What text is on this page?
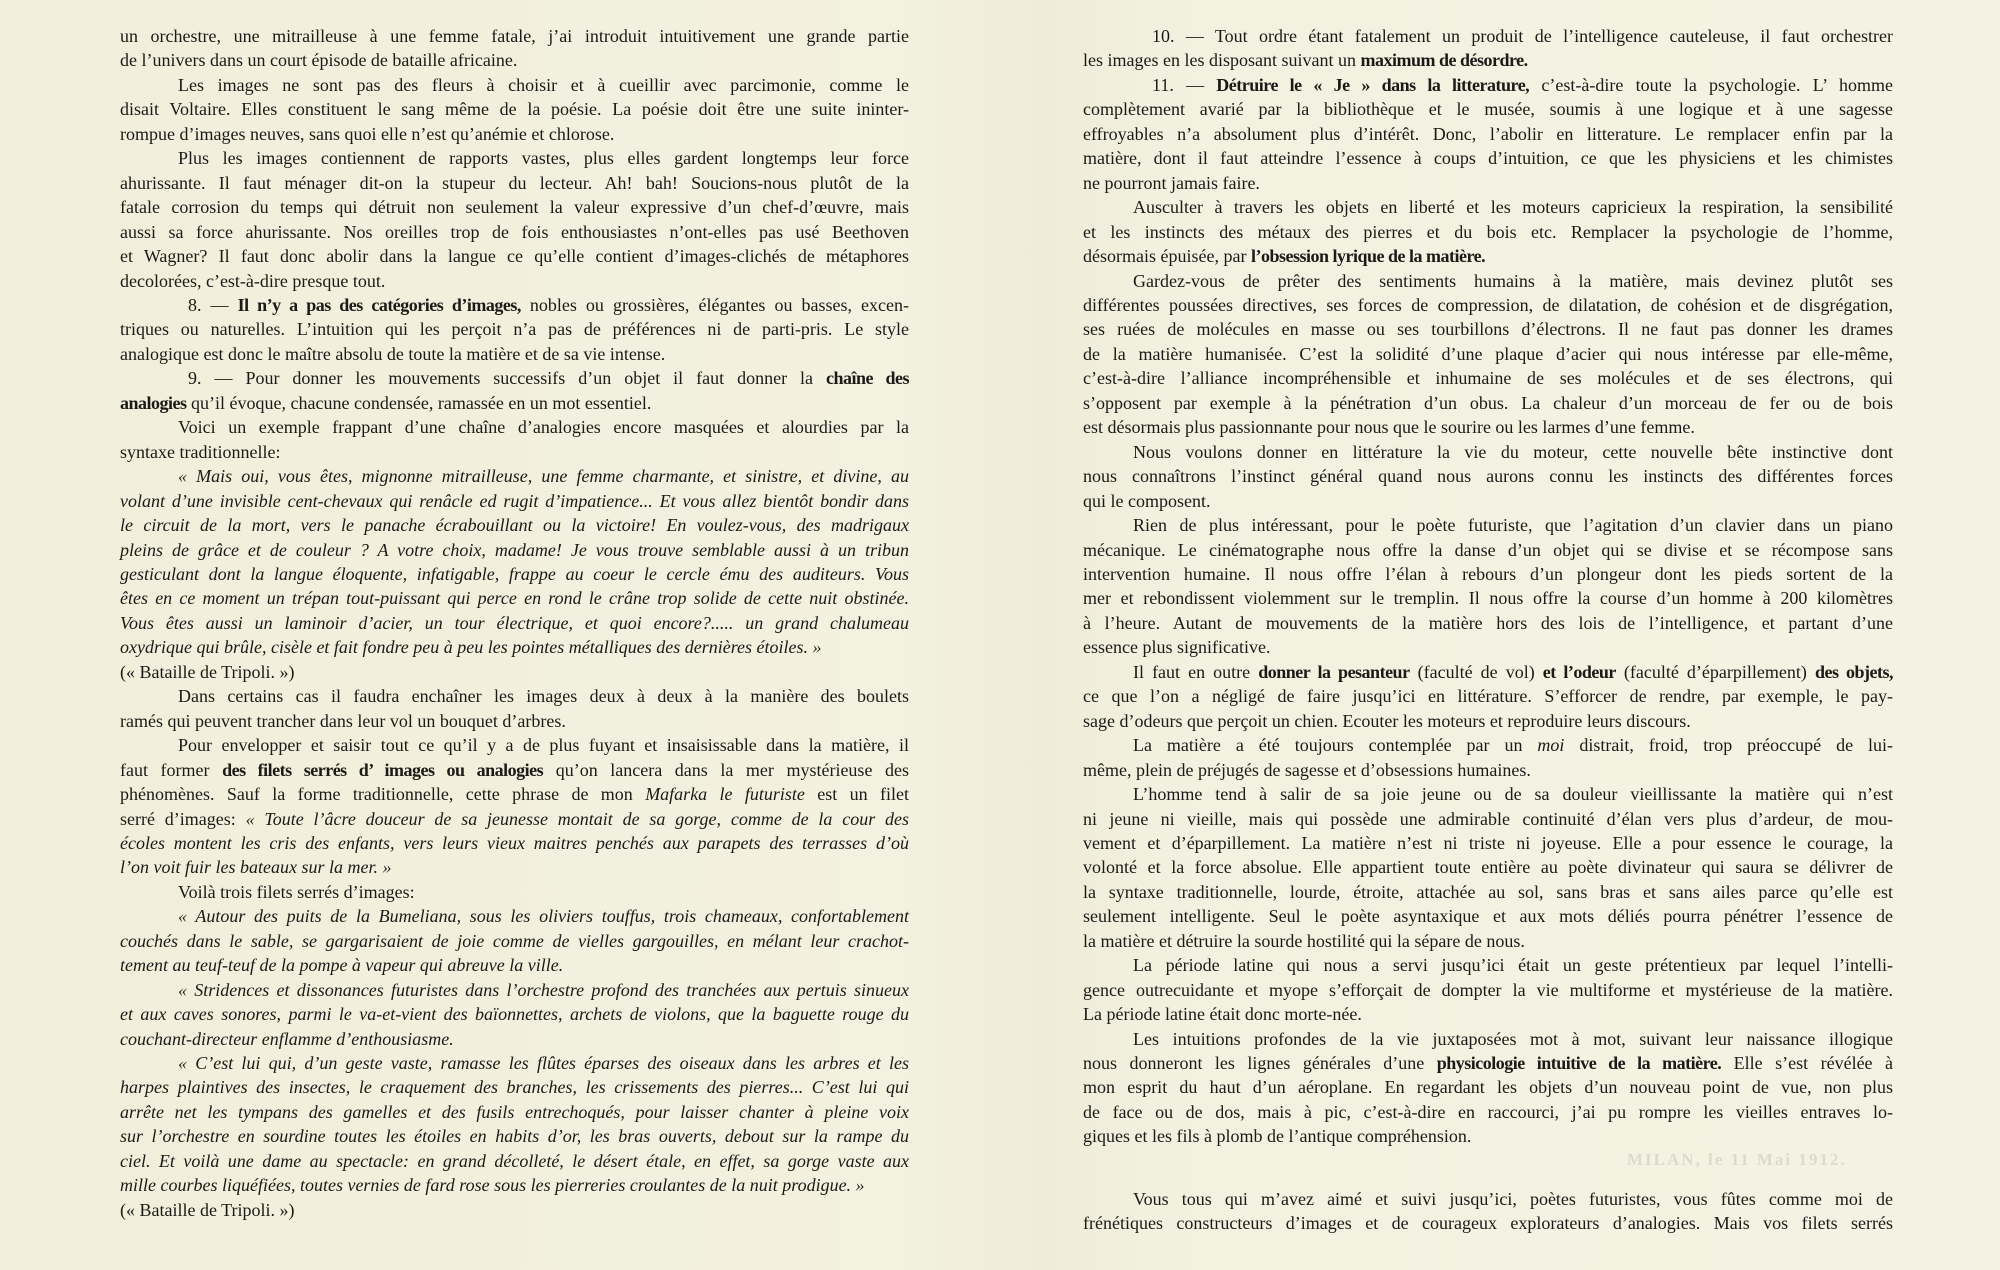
un orchestre, une mitrailleuse à une femme fatale, j’ai introduit intuitivement une grande partie
de l’univers dans un court épisode de bataille africaine.
Les images ne sont pas des fleurs à choisir et à cueillir avec parcimonie, comme le
disait Voltaire. Elles constituent le sang même de la poésie. La poésie doit être une suite ininter-
rompue d’images neuves, sans quoi elle n’est qu’anémie et chlorose.
Plus les images contiennent de rapports vastes, plus elles gardent longtemps leur force
ahurissante. Il faut ménager dit-on la stupeur du lecteur. Ah! bah! Soucions-nous plutôt de la
fatale corrosion du temps qui détruit non seulement la valeur expressive d’un chef-d’œuvre, mais
aussi sa force ahurissante. Nos oreilles trop de fois enthousiastes n’ont-elles pas usé Beethoven
et Wagner? Il faut donc abolir dans la langue ce qu’elle contient d’images-clichés de métaphores
decolorées, c’est-à-dire presque tout.
8. — Il n’y a pas des catégories d’images, nobles ou grossières, élégantes ou basses, excen-
triques ou naturelles. L’intuition qui les perçoit n’a pas de préférences ni de parti-pris. Le style
analogique est donc le maître absolu de toute la matière et de sa vie intense.
9. — Pour donner les mouvements successifs d’un objet il faut donner la chaîne des
analogies qu’il évoque, chacune condensée, ramassée en un mot essentiel.
Voici un exemple frappant d’une chaîne d’analogies encore masquées et alourdies par la
syntaxe traditionnelle:
« Mais oui, vous êtes, mignonne mitrailleuse, une femme charmante, et sinistre, et divine, au
volant d’une invisible cent-chevaux qui renâcle ed rugit d’impatience... Et vous allez bientôt bondir dans
le circuit de la mort, vers le panache écrabouillant ou la victoire! En voulez-vous, des madrigaux
pleins de grâce et de couleur ? A votre choix, madame! Je vous trouve semblable aussi à un tribun
gesticulant dont la langue éloquente, infatigable, frappe au coeur le cercle ému des auditeurs. Vous
êtes en ce moment un trépan tout-puissant qui perce en rond le crâne trop solide de cette nuit obstinée.
Vous êtes aussi un laminoir d’acier, un tour électrique, et quoi encore?..... un grand chalumeau
oxydrique qui brûle, cisèle et fait fondre peu à peu les pointes métalliques des dernières étoiles. »
(« Bataille de Tripoli. »)
Dans certains cas il faudra enchaîner les images deux à deux à la manière des boulets
ramés qui peuvent trancher dans leur vol un bouquet d’arbres.
Pour envelopper et saisir tout ce qu’il y a de plus fuyant et insaisissable dans la matière, il
faut former des filets serrés d’ images ou analogies qu’on lancera dans la mer mystérieuse des
phénomènes. Sauf la forme traditionnelle, cette phrase de mon Mafarka le futuriste est un filet
serré d’images: « Toute l’âcre douceur de sa jeunesse montait de sa gorge, comme de la cour des
écoles montent les cris des enfants, vers leurs vieux maitres penchés aux parapets des terrasses d’où
l’on voit fuir les bateaux sur la mer. »
Voilà trois filets serrés d’images:
« Autour des puits de la Bumeliana, sous les oliviers touffus, trois chameaux, confortablement
couchés dans le sable, se gargarisaient de joie comme de vielles gargouilles, en mélant leur crachot-
tement au teuf-teuf de la pompe à vapeur qui abreuve la ville.
« Stridences et dissonances futuristes dans l’orchestre profond des tranchées aux pertuis sinueux
et aux caves sonores, parmi le va-et-vient des baïonnettes, archets de violons, que la baguette rouge du
couchant-directeur enflamme d’enthousiasme.
« C’est lui qui, d’un geste vaste, ramasse les flûtes éparses des oiseaux dans les arbres et les
harpes plaintives des insectes, le craquement des branches, les crissements des pierres... C’est lui qui
arrête net les tympans des gamelles et des fusils entrechoqués, pour laisser chanter à pleine voix
sur l’orchestre en sourdine toutes les étoiles en habits d’or, les bras ouverts, debout sur la rampe du
ciel. Et voilà une dame au spectacle: en grand décolleté, le désert étale, en effet, sa gorge vaste aux
mille courbes liquéfiées, toutes vernies de fard rose sous les pierreries croulantes de la nuit prodigue. »
(« Bataille de Tripoli. »)
10. — Tout ordre étant fatalement un produit de l’intelligence cauteleuse, il faut orchestrer
les images en les disposant suivant un maximum de désordre.
11. — Détruire le « Je » dans la litterature, c’est-à-dire toute la psychologie. L’ homme
complètement avarié par la bibliothèque et le musée, soumis à une logique et à une sagesse
effroyables n’a absolument plus d’intérêt. Donc, l’abolir en litterature. Le remplacer enfin par la
matière, dont il faut atteindre l’essence à coups d’intuition, ce que les physiciens et les chimistes
ne pourront jamais faire.
Ausculter à travers les objets en liberté et les moteurs capricieux la respiration, la sensibilité
et les instincts des métaux des pierres et du bois etc. Remplacer la psychologie de l’homme,
désormais épuisée, par l’obsession lyrique de la matière.
Gardez-vous de prêter des sentiments humains à la matière, mais devinez plutôt ses
différentes poussées directives, ses forces de compression, de dilatation, de cohésion et de disgrégation,
ses ruées de molécules en masse ou ses tourbillons d’électrons. Il ne faut pas donner les drames
de la matière humanisée. C’est la solidité d’une plaque d’acier qui nous intéresse par elle-même,
c’est-à-dire l’alliance incompréhensible et inhumaine de ses molécules et de ses électrons, qui
s’opposent par exemple à la pénétration d’un obus. La chaleur d’un morceau de fer ou de bois
est désormais plus passionnante pour nous que le sourire ou les larmes d’une femme.
Nous voulons donner en littérature la vie du moteur, cette nouvelle bête instinctive dont
nous connaîtrons l’instinct général quand nous aurons connu les instincts des différentes forces
qui le composent.
Rien de plus intéressant, pour le poète futuriste, que l’agitation d’un clavier dans un piano
mécanique. Le cinématographe nous offre la danse d’un objet qui se divise et se récompose sans
intervention humaine. Il nous offre l’élan à rebours d’un plongeur dont les pieds sortent de la
mer et rebondissent violemment sur le tremplin. Il nous offre la course d’un homme à 200 kilomètres
à l’heure. Autant de mouvements de la matière hors des lois de l’intelligence, et partant d’une
essence plus significative.
Il faut en outre donner la pesanteur (faculté de vol) et l’odeur (faculté d’éparpillement) des objets,
ce que l’on a négligé de faire jusqu’ici en littérature. S’efforcer de rendre, par exemple, le pay-
sage d’odeurs que perçoit un chien. Ecouter les moteurs et reproduire leurs discours.
La matière a été toujours contemplée par un moi distrait, froid, trop préoccupé de lui-
même, plein de préjugés de sagesse et d’obsessions humaines.
L’homme tend à salir de sa joie jeune ou de sa douleur vieillissante la matière qui n’est
ni jeune ni vieille, mais qui possède une admirable continuité d’élan vers plus d’ardeur, de mou-
vement et d’éparpillement. La matière n’est ni triste ni joyeuse. Elle a pour essence le courage, la
volonté et la force absolue. Elle appartient toute entière au poète divinateur qui saura se délivrer de
la syntaxe traditionnelle, lourde, étroite, attachée au sol, sans bras et sans ailes parce qu’elle est
seulement intelligente. Seul le poète asyntaxique et aux mots déliés pourra pénétrer l’essence de
la matière et détruire la sourde hostilité qui la sépare de nous.
La période latine qui nous a servi jusqu’ici était un geste prétentieux par lequel l’intelli-
gence outrecuidante et myope s’efforçait de dompter la vie multiforme et mystérieuse de la matière.
La période latine était donc morte-née.
Les intuitions profondes de la vie juxtaposées mot à mot, suivant leur naissance illogique
nous donneront les lignes générales d’une physicologie intuitive de la matière. Elle s’est révélée à
mon esprit du haut d’un aéroplane. En regardant les objets d’un nouveau point de vue, non plus
de face ou de dos, mais à pic, c’est-à-dire en raccourci, j’ai pu rompre les vieilles entraves lo-
giques et les fils à plomb de l’antique compréhension.
Vous tous qui m’avez aimé et suivi jusqu’ici, poètes futuristes, vous fûtes comme moi de
frénétiques constructeurs d’images et de courageux explorateurs d’analogies. Mais vos filets serrés
MILAN, le 11 Mai 1912.
